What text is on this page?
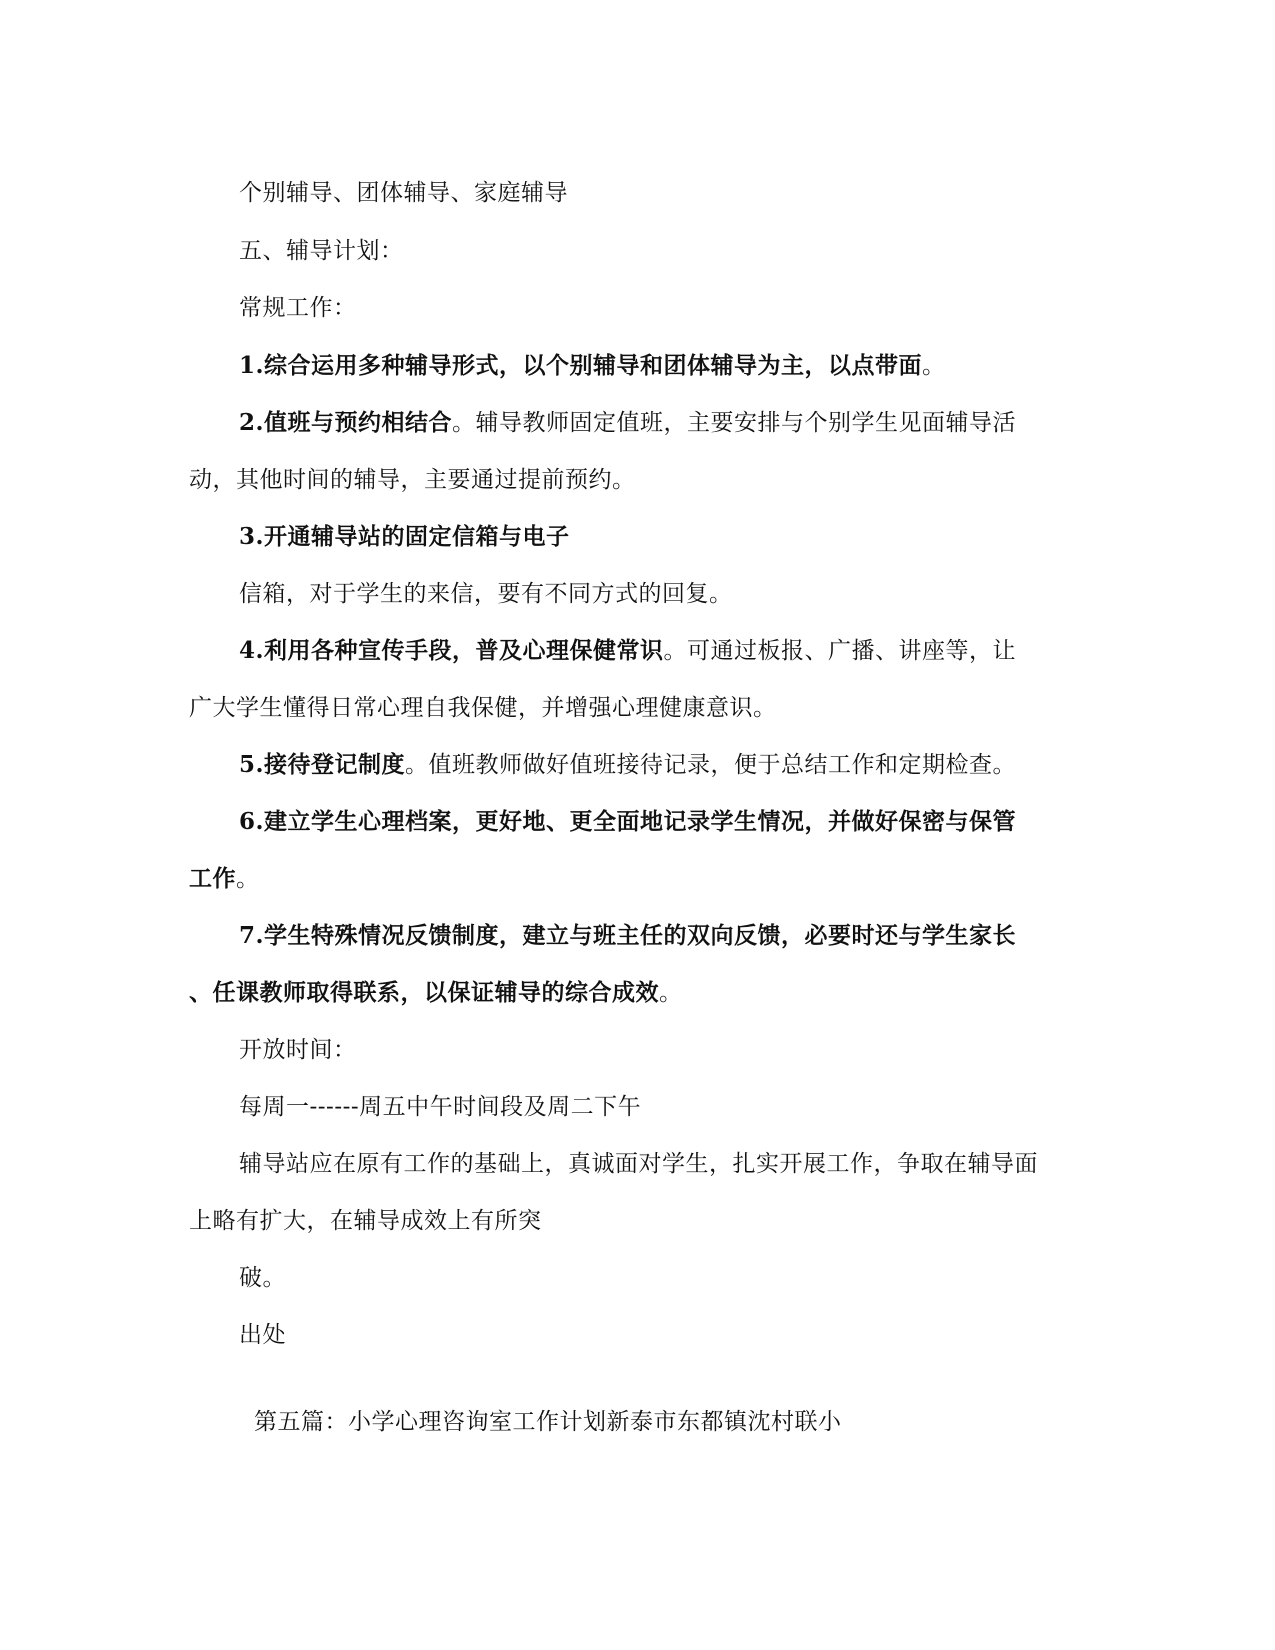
个别辅导、团体辅导、家庭辅导
五、辅导计划：
常规工作：
1.综合运用多种辅导形式，以个别辅导和团体辅导为主，以点带面。
2.值班与预约相结合。辅导教师固定值班，主要安排与个别学生见面辅导活
动，其他时间的辅导，主要通过提前预约。
3.开通辅导站的固定信箱与电子
信箱，对于学生的来信，要有不同方式的回复。
4.利用各种宣传手段，普及心理保健常识。可通过板报、广播、讲座等，让
广大学生懂得日常心理自我保健，并增强心理健康意识。
5.接待登记制度。值班教师做好值班接待记录，便于总结工作和定期检查。
6.建立学生心理档案，更好地、更全面地记录学生情况，并做好保密与保管
工作。
7.学生特殊情况反馈制度，建立与班主任的双向反馈，必要时还与学生家长
、任课教师取得联系，以保证辅导的综合成效。
开放时间：
每周一------周五中午时间段及周二下午
辅导站应在原有工作的基础上，真诚面对学生，扎实开展工作，争取在辅导面
上略有扩大，在辅导成效上有所突
破。
出处
第五篇：小学心理咨询室工作计划新泰市东都镇沈村联小
